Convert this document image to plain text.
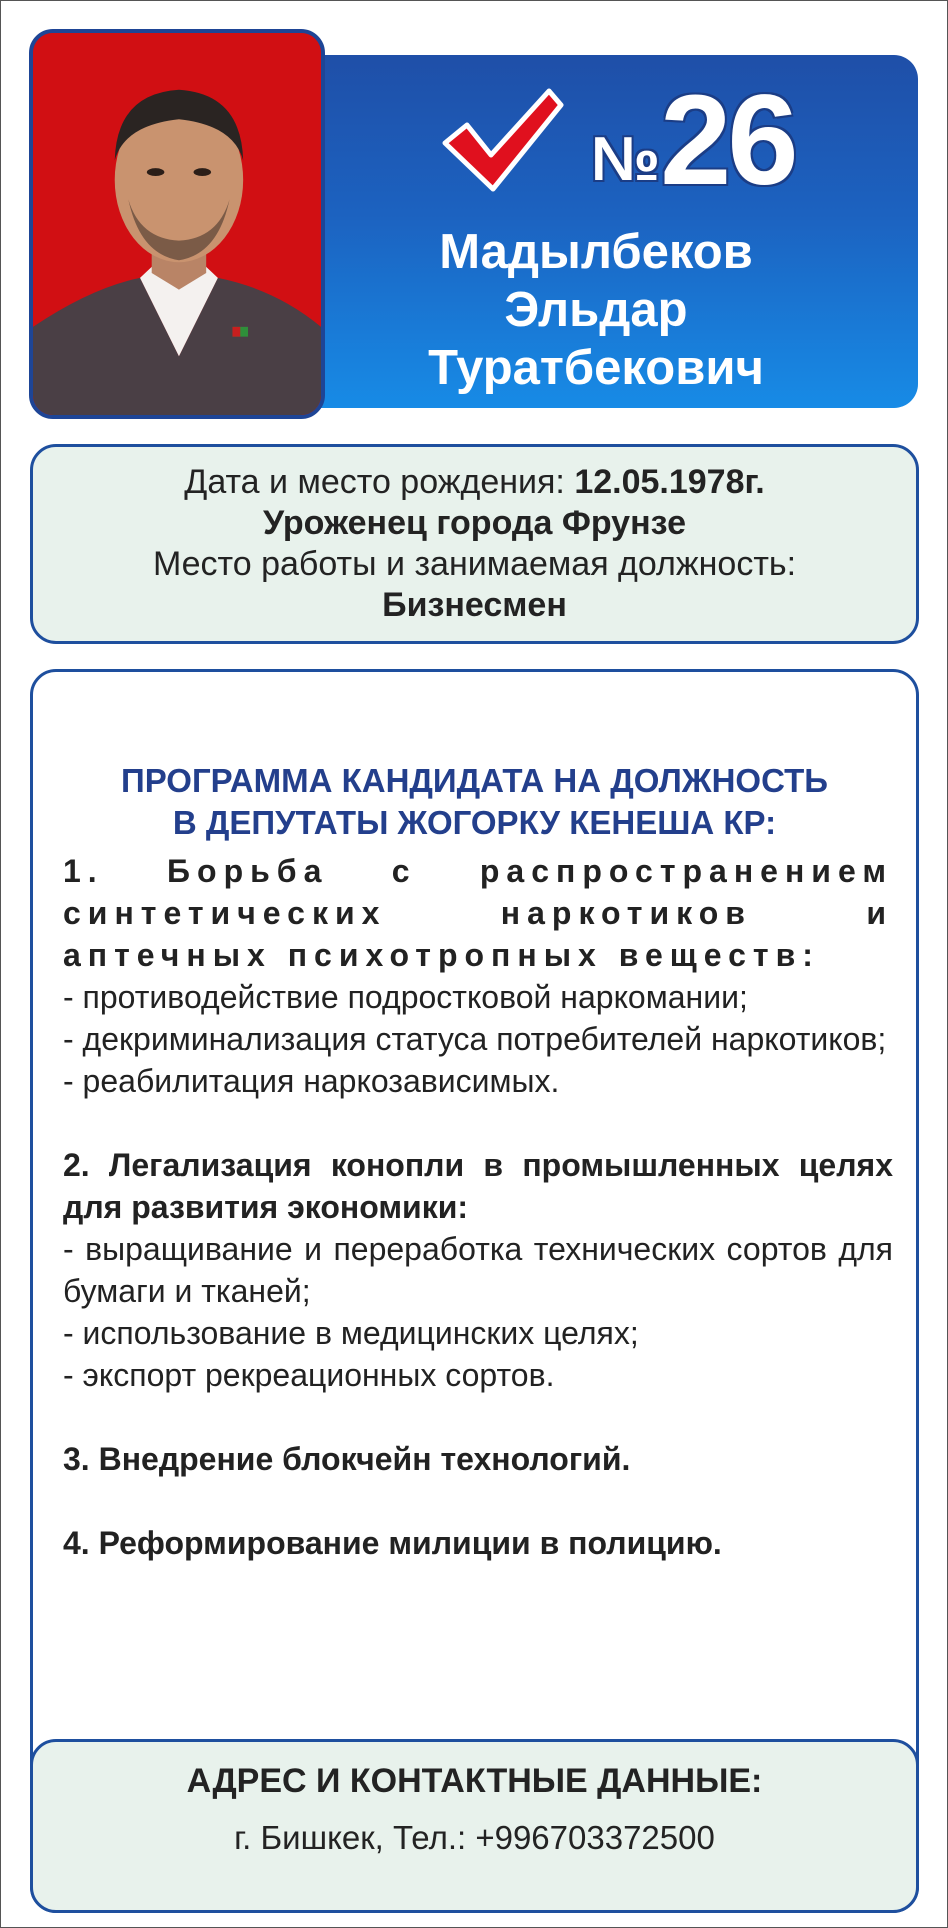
№ 26
Мадылбеков
Эльдар
Туратбекович
Дата и место рождения: 12.05.1978г.
Уроженец города Фрунзе
Место работы и занимаемая должность:
Бизнесмен
ПРОГРАММА КАНДИДАТА НА ДОЛЖНОСТЬ
В ДЕПУТАТЫ ЖОГОРКУ КЕНЕША КР:
1. Борьба с распространением синтетических наркотиков и аптечных психотропных веществ:
- противодействие подростковой наркомании;
- декриминализация статуса потребителей наркотиков;
- реабилитация наркозависимых.
2. Легализация конопли в промышленных целях для развития экономики:
- выращивание и переработка технических сортов для бумаги и тканей;
- использование в медицинских целях;
- экспорт рекреационных сортов.
3. Внедрение блокчейн технологий.
4. Реформирование милиции в полицию.
АДРЕС И КОНТАКТНЫЕ ДАННЫЕ:
г. Бишкек, Тел.: +996703372500
